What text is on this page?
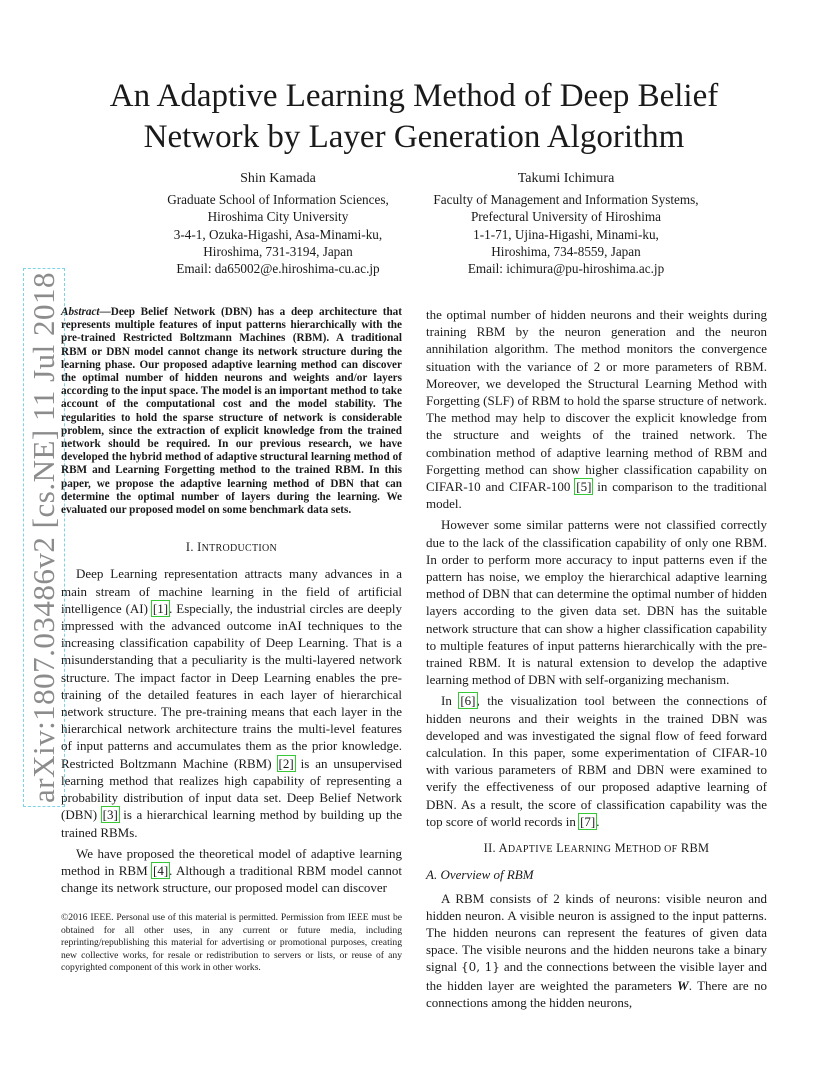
An Adaptive Learning Method of Deep Belief
Network by Layer Generation Algorithm
Shin Kamada
Graduate School of Information Sciences,
Hiroshima City University
3-4-1, Ozuka-Higashi, Asa-Minami-ku,
Hiroshima, 731-3194, Japan
Email: da65002@e.hiroshima-cu.ac.jp
Takumi Ichimura
Faculty of Management and Information Systems,
Prefectural University of Hiroshima
1-1-71, Ujina-Higashi, Minami-ku,
Hiroshima, 734-8559, Japan
Email: ichimura@pu-hiroshima.ac.jp
arXiv:1807.03486v2 [cs.NE] 11 Jul 2018 Abstract—Deep Belief Network (DBN) has a deep architecture that represents multiple features of input patterns hierarchically with the pre-trained Restricted Boltzmann Machines (RBM). A traditional RBM or DBN model cannot change its network structure during the learning phase. Our proposed adaptive learning method can discover the optimal number of hidden neurons and weights and/or layers according to the input space. The model is an important method to take account of the computational cost and the model stability. The regularities to hold the sparse structure of network is considerable problem, since the extraction of explicit knowledge from the trained network should be required. In our previous research, we have developed the hybrid method of adaptive structural learning method of RBM and Learning Forgetting method to the trained RBM. In this paper, we propose the adaptive learning method of DBN that can determine the optimal number of layers during the learning. We evaluated our proposed model on some benchmark data sets.
I. INTRODUCTION

Deep Learning representation attracts many advances in a main stream of machine learning in the field of artificial intelligence (AI) [1]. Especially, the industrial circles are deeply impressed with the advanced outcome inAI techniques to the increasing classification capability of Deep Learning. That is a misunderstanding that a peculiarity is the multi-layered network structure. The impact factor in Deep Learning enables the pre-training of the detailed features in each layer of hierarchical network structure. The pre-training means that each layer in the hierarchical network architecture trains the multi-level features of input patterns and accumulates them as the prior knowledge. Restricted Boltzmann Machine (RBM) [2] is an unsupervised learning method that realizes high capability of representing a probability distribution of input data set. Deep Belief Network (DBN) [3] is a hierarchical learning method by building up the trained RBMs.

We have proposed the theoretical model of adaptive learning method in RBM [4]. Although a traditional RBM model cannot change its network structure, our proposed model can discover

©2016 IEEE. Personal use of this material is permitted. Permission from IEEE must be obtained for all other uses, in any current or future media, including reprinting/republishing this material for advertising or promotional purposes, creating new collective works, for resale or redistribution to servers or lists, or reuse of any copyrighted component of this work in other works.

the optimal number of hidden neurons and their weights during training RBM by the neuron generation and the neuron annihilation algorithm. The method monitors the convergence situation with the variance of 2 or more parameters of RBM. Moreover, we developed the Structural Learning Method with Forgetting (SLF) of RBM to hold the sparse structure of network. The method may help to discover the explicit knowledge from the structure and weights of the trained network. The combination method of adaptive learning method of RBM and Forgetting method can show higher classification capability on CIFAR-10 and CIFAR-100 [5] in comparison to the traditional model.

However some similar patterns were not classified correctly due to the lack of the classification capability of only one RBM. In order to perform more accuracy to input patterns even if the pattern has noise, we employ the hierarchical adaptive learning method of DBN that can determine the optimal number of hidden layers according to the given data set. DBN has the suitable network structure that can show a higher classification capability to multiple features of input patterns hierarchically with the pre-trained RBM. It is natural extension to develop the adaptive learning method of DBN with self-organizing mechanism.

In [6], the visualization tool between the connections of hidden neurons and their weights in the trained DBN was developed and was investigated the signal flow of feed forward calculation. In this paper, some experimentation of CIFAR-10 with various parameters of RBM and DBN were examined to verify the effectiveness of our proposed adaptive learning of DBN. As a result, the score of classification capability was the top score of world records in [7].

II. ADAPTIVE LEARNING METHOD OF RBM
A. Overview of RBM

A RBM consists of 2 kinds of neurons: visible neuron and hidden neuron. A visible neuron is assigned to the input patterns. The hidden neurons can represent the features of given data space. The visible neurons and the hidden neurons take a binary signal {0, 1} and the connections between the visible layer and the hidden layer are weighted the parameters W. There are no connections among the hidden neurons,
